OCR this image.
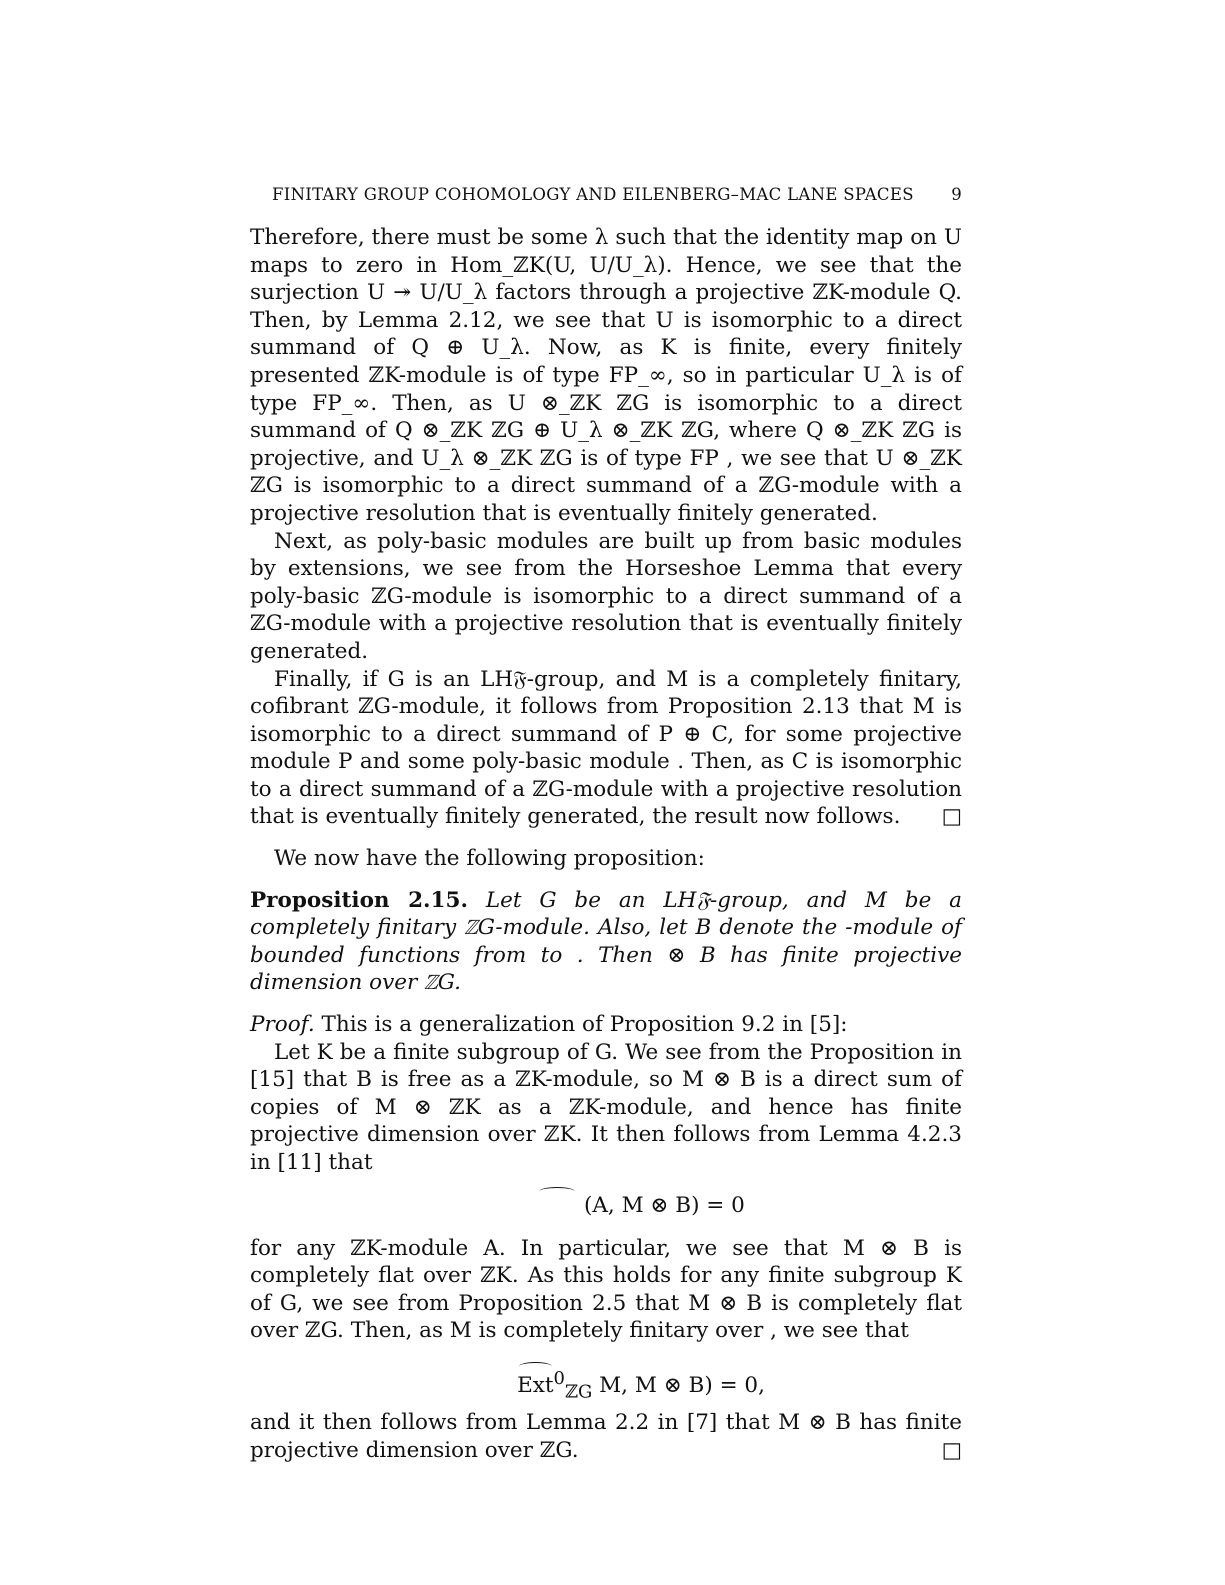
FINITARY GROUP COHOMOLOGY AND EILENBERG–MAC LANE SPACES 9

Therefore, there must be some λ such that the identity map on U maps to zero in Hom_ℤK(U, U/U_λ). Hence, we see that the surjection U ↠ U/U_λ factors through a projective ℤK-module Q. Then, by Lemma 2.12, we see that U is isomorphic to a direct summand of Q ⊕ U_λ. Now, as K is finite, every finitely presented ℤK-module is of type FP_∞, so in particular U_λ is of type FP_∞. Then, as U ⊗_ℤK ℤG is isomorphic to a direct summand of Q ⊗_ℤK ℤG ⊕ U_λ ⊗_ℤK ℤG, where Q ⊗_ℤK ℤG is projective, and U_λ ⊗_ℤK ℤG is of type FP , we see that U ⊗_ℤK ℤG is isomorphic to a direct summand of a ℤG-module with a projective resolution that is eventually finitely generated.

Next, as poly-basic modules are built up from basic modules by extensions, we see from the Horseshoe Lemma that every poly-basic ℤG-module is isomorphic to a direct summand of a ℤG-module with a projective resolution that is eventually finitely generated.

Finally, if G is an LH𝔉-group, and M is a completely finitary, cofibrant ℤG-module, it follows from Proposition 2.13 that M is isomorphic to a direct summand of P ⊕ C, for some projective module P and some poly-basic module . Then, as C is isomorphic to a direct summand of a ℤG-module with a projective resolution that is eventually finitely generated, the result now follows.	□

We now have the following proposition:

Proposition 2.15. Let G be an LH𝔉-group, and M be a completely finitary ℤG-module. Also, let B denote the -module of bounded functions from to . Then ⊗ B has finite projective dimension over ℤG.

Proof. This is a generalization of Proposition 9.2 in [5]:

Let K be a finite subgroup of G. We see from the Proposition in [15] that B is free as a ℤK-module, so M ⊗ B is a direct sum of copies of M ⊗ ℤK as a ℤK-module, and hence has finite projective dimension over ℤK. It then follows from Lemma 4.2.3 in [11] that

(A, M ⊗ B) = 0

for any ℤK-module A. In particular, we see that M ⊗ B is completely flat over ℤK. As this holds for any finite subgroup K of G, we see from Proposition 2.5 that M ⊗ B is completely flat over ℤG. Then, as M is completely finitary over , we see that

Ext$^0_{ℤG}$ M, M ⊗ B) = 0,

and it then follows from Lemma 2.2 in [7] that M ⊗ B has finite projective dimension over ℤG.	□
